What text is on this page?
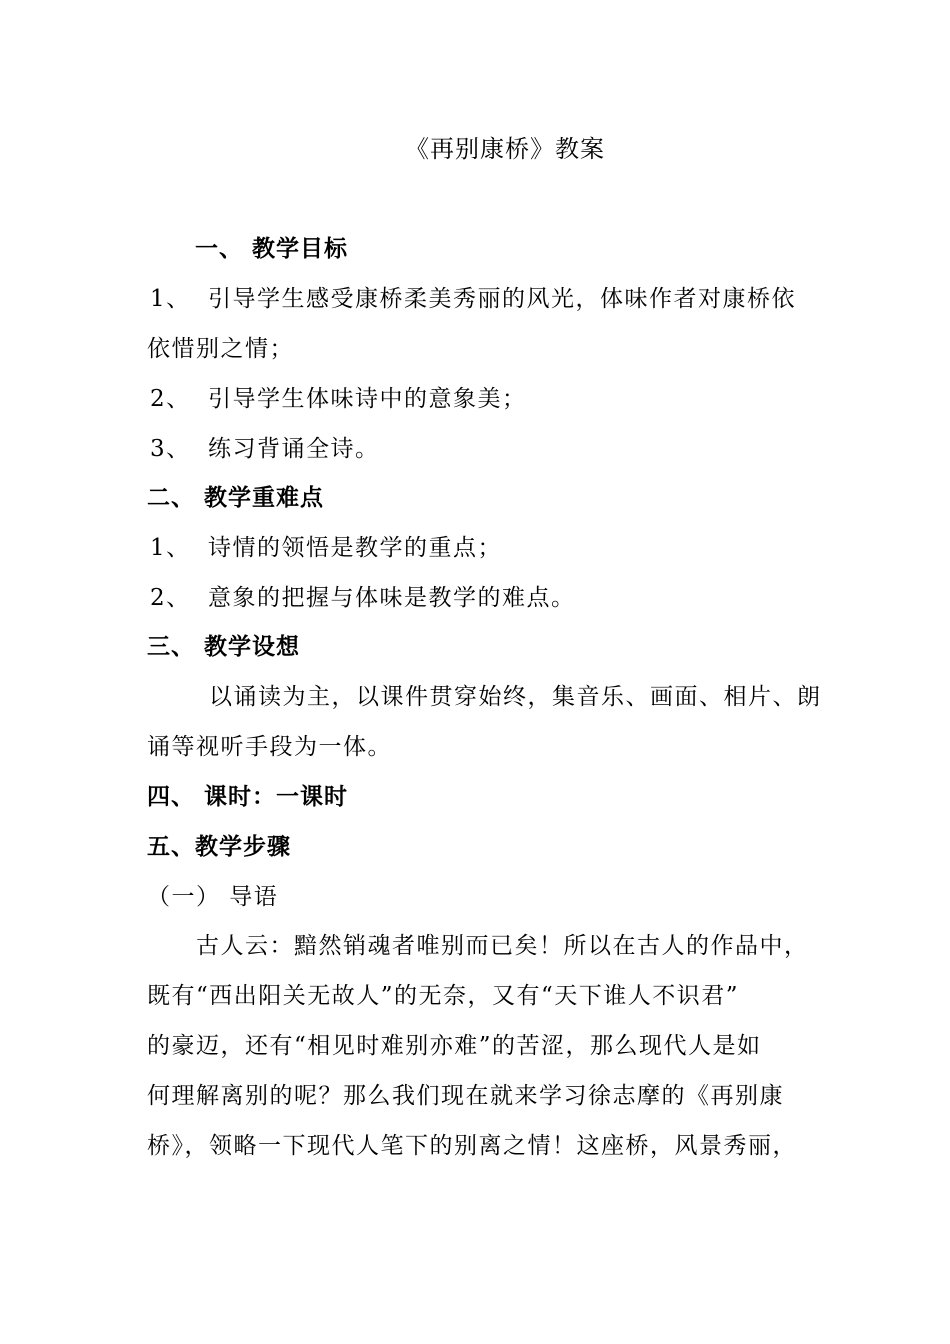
《再别康桥》教案
一、 教学目标
1、 引导学生感受康桥柔美秀丽的风光，体味作者对康桥依
依惜别之情；
2、 引导学生体味诗中的意象美；
3、 练习背诵全诗。
二、 教学重难点
1、 诗情的领悟是教学的重点；
2、 意象的把握与体味是教学的难点。
三、 教学设想
以诵读为主，以课件贯穿始终，集音乐、画面、相片、朗
诵等视听手段为一体。
四、 课时：一课时
五、教学步骤
（一） 导语
古人云：黯然销魂者唯别而已矣！所以在古人的作品中，
既有“西出阳关无故人”的无奈，又有“天下谁人不识君”
的豪迈，还有“相见时难别亦难”的苦涩，那么现代人是如
何理解离别的呢？那么我们现在就来学习徐志摩的《再别康
桥》，领略一下现代人笔下的别离之情！这座桥，风景秀丽，
